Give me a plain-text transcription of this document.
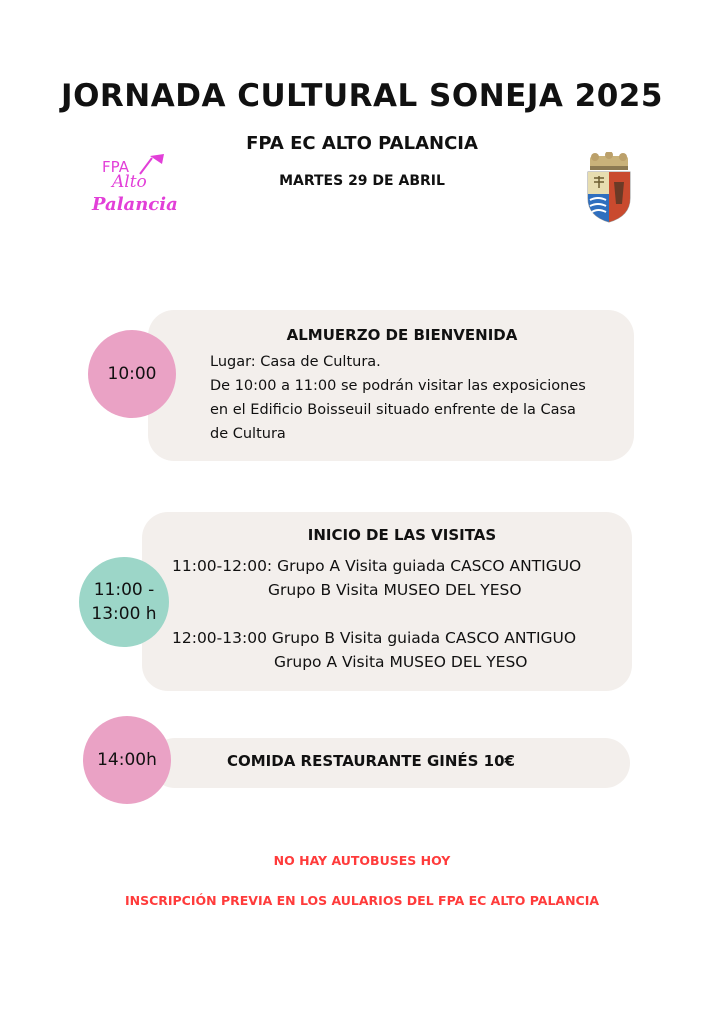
JORNADA CULTURAL SONEJA 2025
FPA EC ALTO PALANCIA
MARTES 29 DE ABRIL
FPA
Alto
Palancia
10:00
ALMUERZO DE BIENVENIDA
Lugar: Casa de Cultura.
De 10:00 a 11:00 se podrán visitar las exposiciones
en el Edificio Boisseuil situado enfrente de la Casa
de Cultura
11:00 -
13:00 h
INICIO DE LAS VISITAS
11:00-12:00: Grupo A Visita guiada CASCO ANTIGUO
Grupo B Visita MUSEO DEL YESO
12:00-13:00 Grupo B Visita guiada CASCO ANTIGUO
Grupo A Visita MUSEO DEL YESO
14:00h	COMIDA RESTAURANTE GINÉS 10€
NO HAY AUTOBUSES HOY
INSCRIPCIÓN PREVIA EN LOS AULARIOS DEL FPA EC ALTO PALANCIA
